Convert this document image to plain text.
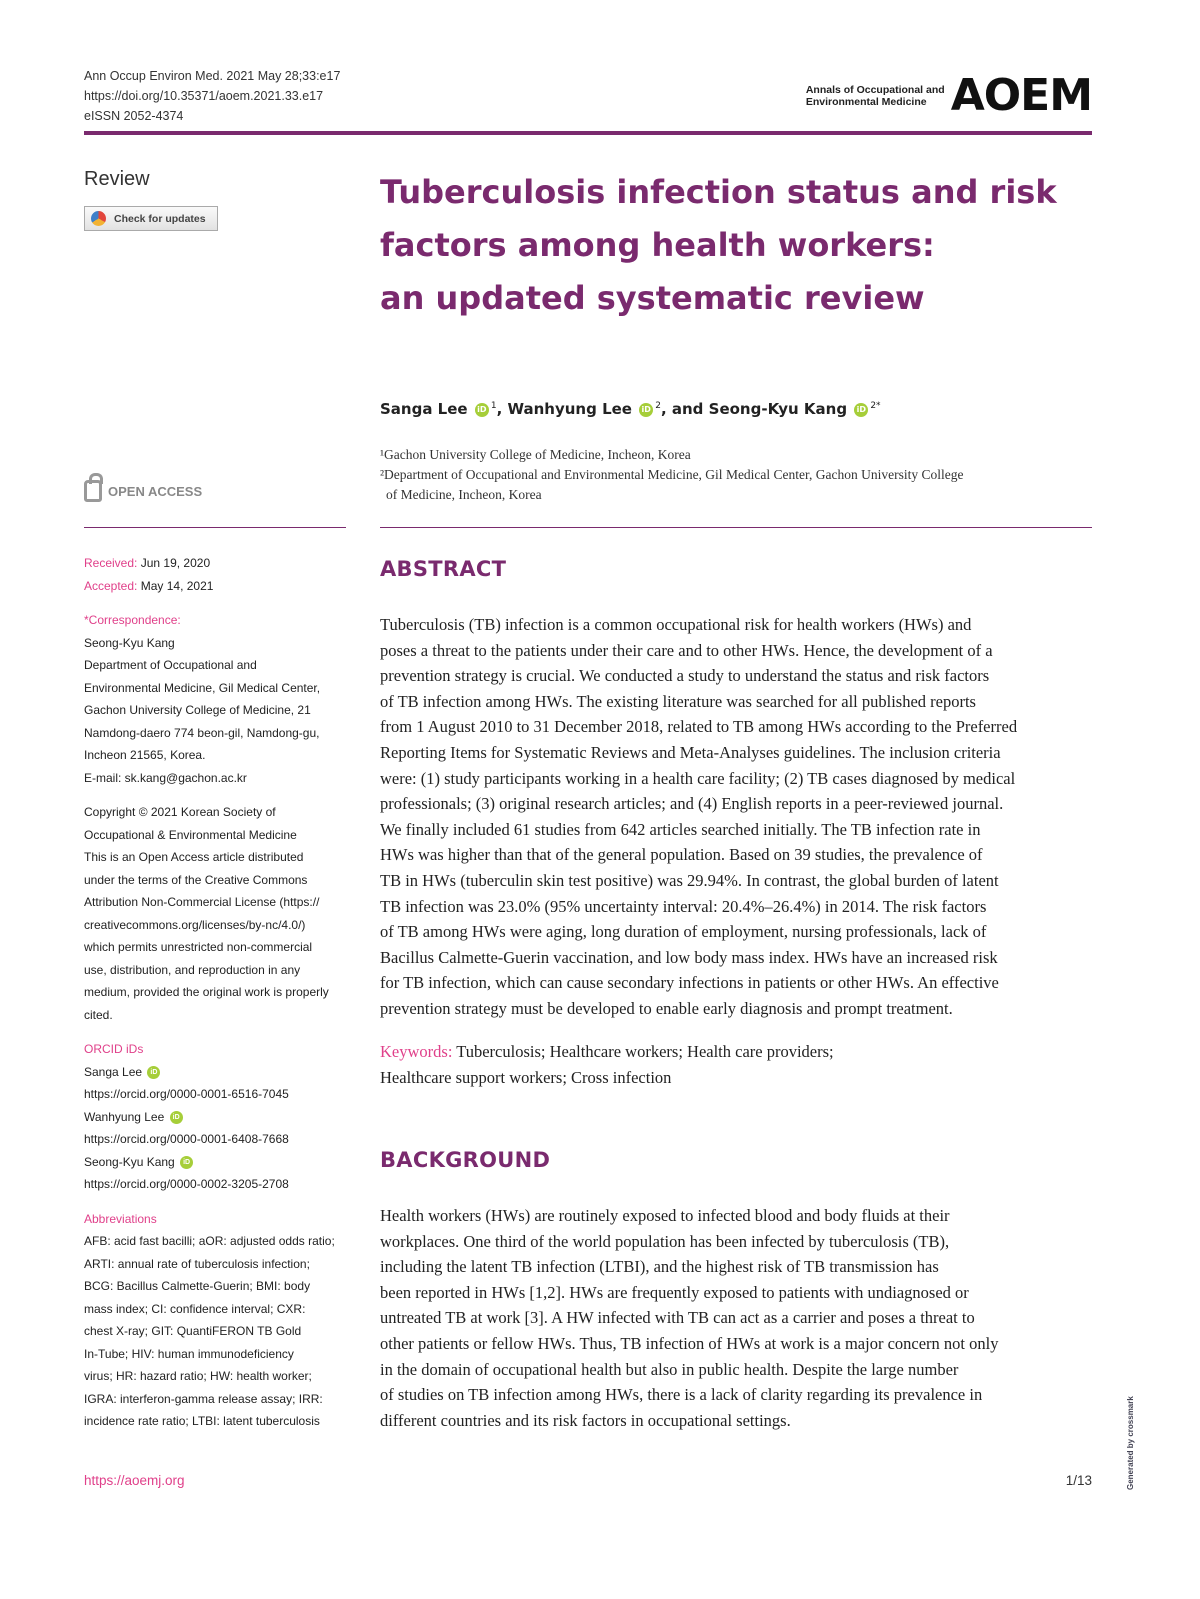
Ann Occup Environ Med. 2021 May 28;33:e17
https://doi.org/10.35371/aoem.2021.33.e17
eISSN 2052-4374
Annals of Occupational and
Environmental Medicine AOEM
Review
Check for updates
Tuberculosis infection status and risk
factors among health workers:
an updated systematic review
Sanga Lee iD $^1$, Wanhyung Lee iD $^2$, and Seong-Kyu Kang iD $^{2*}$
¹Gachon University College of Medicine, Incheon, Korea
²Department of Occupational and Environmental Medicine, Gil Medical Center, Gachon University College
of Medicine, Incheon, Korea
OPEN ACCESS
Received: Jun 19, 2020
Accepted: May 14, 2021
*Correspondence:
Seong-Kyu Kang
Department of Occupational and
Environmental Medicine, Gil Medical Center,
Gachon University College of Medicine, 21
Namdong-daero 774 beon-gil, Namdong-gu,
Incheon 21565, Korea.
E-mail: sk.kang@gachon.ac.kr
Copyright © 2021 Korean Society of
Occupational & Environmental Medicine
This is an Open Access article distributed
under the terms of the Creative Commons
Attribution Non-Commercial License (https://
creativecommons.org/licenses/by-nc/4.0/)
which permits unrestricted non-commercial
use, distribution, and reproduction in any
medium, provided the original work is properly
cited.
ORCID iDs
Sanga Lee iD
https://orcid.org/0000-0001-6516-7045
Wanhyung Lee iD
https://orcid.org/0000-0001-6408-7668
Seong-Kyu Kang iD
https://orcid.org/0000-0002-3205-2708
Abbreviations
AFB: acid fast bacilli; aOR: adjusted odds ratio;
ARTI: annual rate of tuberculosis infection;
BCG: Bacillus Calmette-Guerin; BMI: body
mass index; CI: confidence interval; CXR:
chest X-ray; GIT: QuantiFERON TB Gold
In-Tube; HIV: human immunodeficiency
virus; HR: hazard ratio; HW: health worker;
IGRA: interferon-gamma release assay; IRR:
incidence rate ratio; LTBI: latent tuberculosis
ABSTRACT
Tuberculosis (TB) infection is a common occupational risk for health workers (HWs) and
poses a threat to the patients under their care and to other HWs. Hence, the development of a
prevention strategy is crucial. We conducted a study to understand the status and risk factors
of TB infection among HWs. The existing literature was searched for all published reports
from 1 August 2010 to 31 December 2018, related to TB among HWs according to the Preferred
Reporting Items for Systematic Reviews and Meta-Analyses guidelines. The inclusion criteria
were: (1) study participants working in a health care facility; (2) TB cases diagnosed by medical
professionals; (3) original research articles; and (4) English reports in a peer-reviewed journal.
We finally included 61 studies from 642 articles searched initially. The TB infection rate in
HWs was higher than that of the general population. Based on 39 studies, the prevalence of
TB in HWs (tuberculin skin test positive) was 29.94%. In contrast, the global burden of latent
TB infection was 23.0% (95% uncertainty interval: 20.4%–26.4%) in 2014. The risk factors
of TB among HWs were aging, long duration of employment, nursing professionals, lack of
Bacillus Calmette-Guerin vaccination, and low body mass index. HWs have an increased risk
for TB infection, which can cause secondary infections in patients or other HWs. An effective
prevention strategy must be developed to enable early diagnosis and prompt treatment.
Keywords: Tuberculosis; Healthcare workers; Health care providers;
Healthcare support workers; Cross infection
BACKGROUND
Health workers (HWs) are routinely exposed to infected blood and body fluids at their
workplaces. One third of the world population has been infected by tuberculosis (TB),
including the latent TB infection (LTBI), and the highest risk of TB transmission has
been reported in HWs [1,2]. HWs are frequently exposed to patients with undiagnosed or
untreated TB at work [3]. A HW infected with TB can act as a carrier and poses a threat to
other patients or fellow HWs. Thus, TB infection of HWs at work is a major concern not only
in the domain of occupational health but also in public health. Despite the large number
of studies on TB infection among HWs, there is a lack of clarity regarding its prevalence in
different countries and its risk factors in occupational settings.
https://aoemj.org	1/13	Generated by crossmark
